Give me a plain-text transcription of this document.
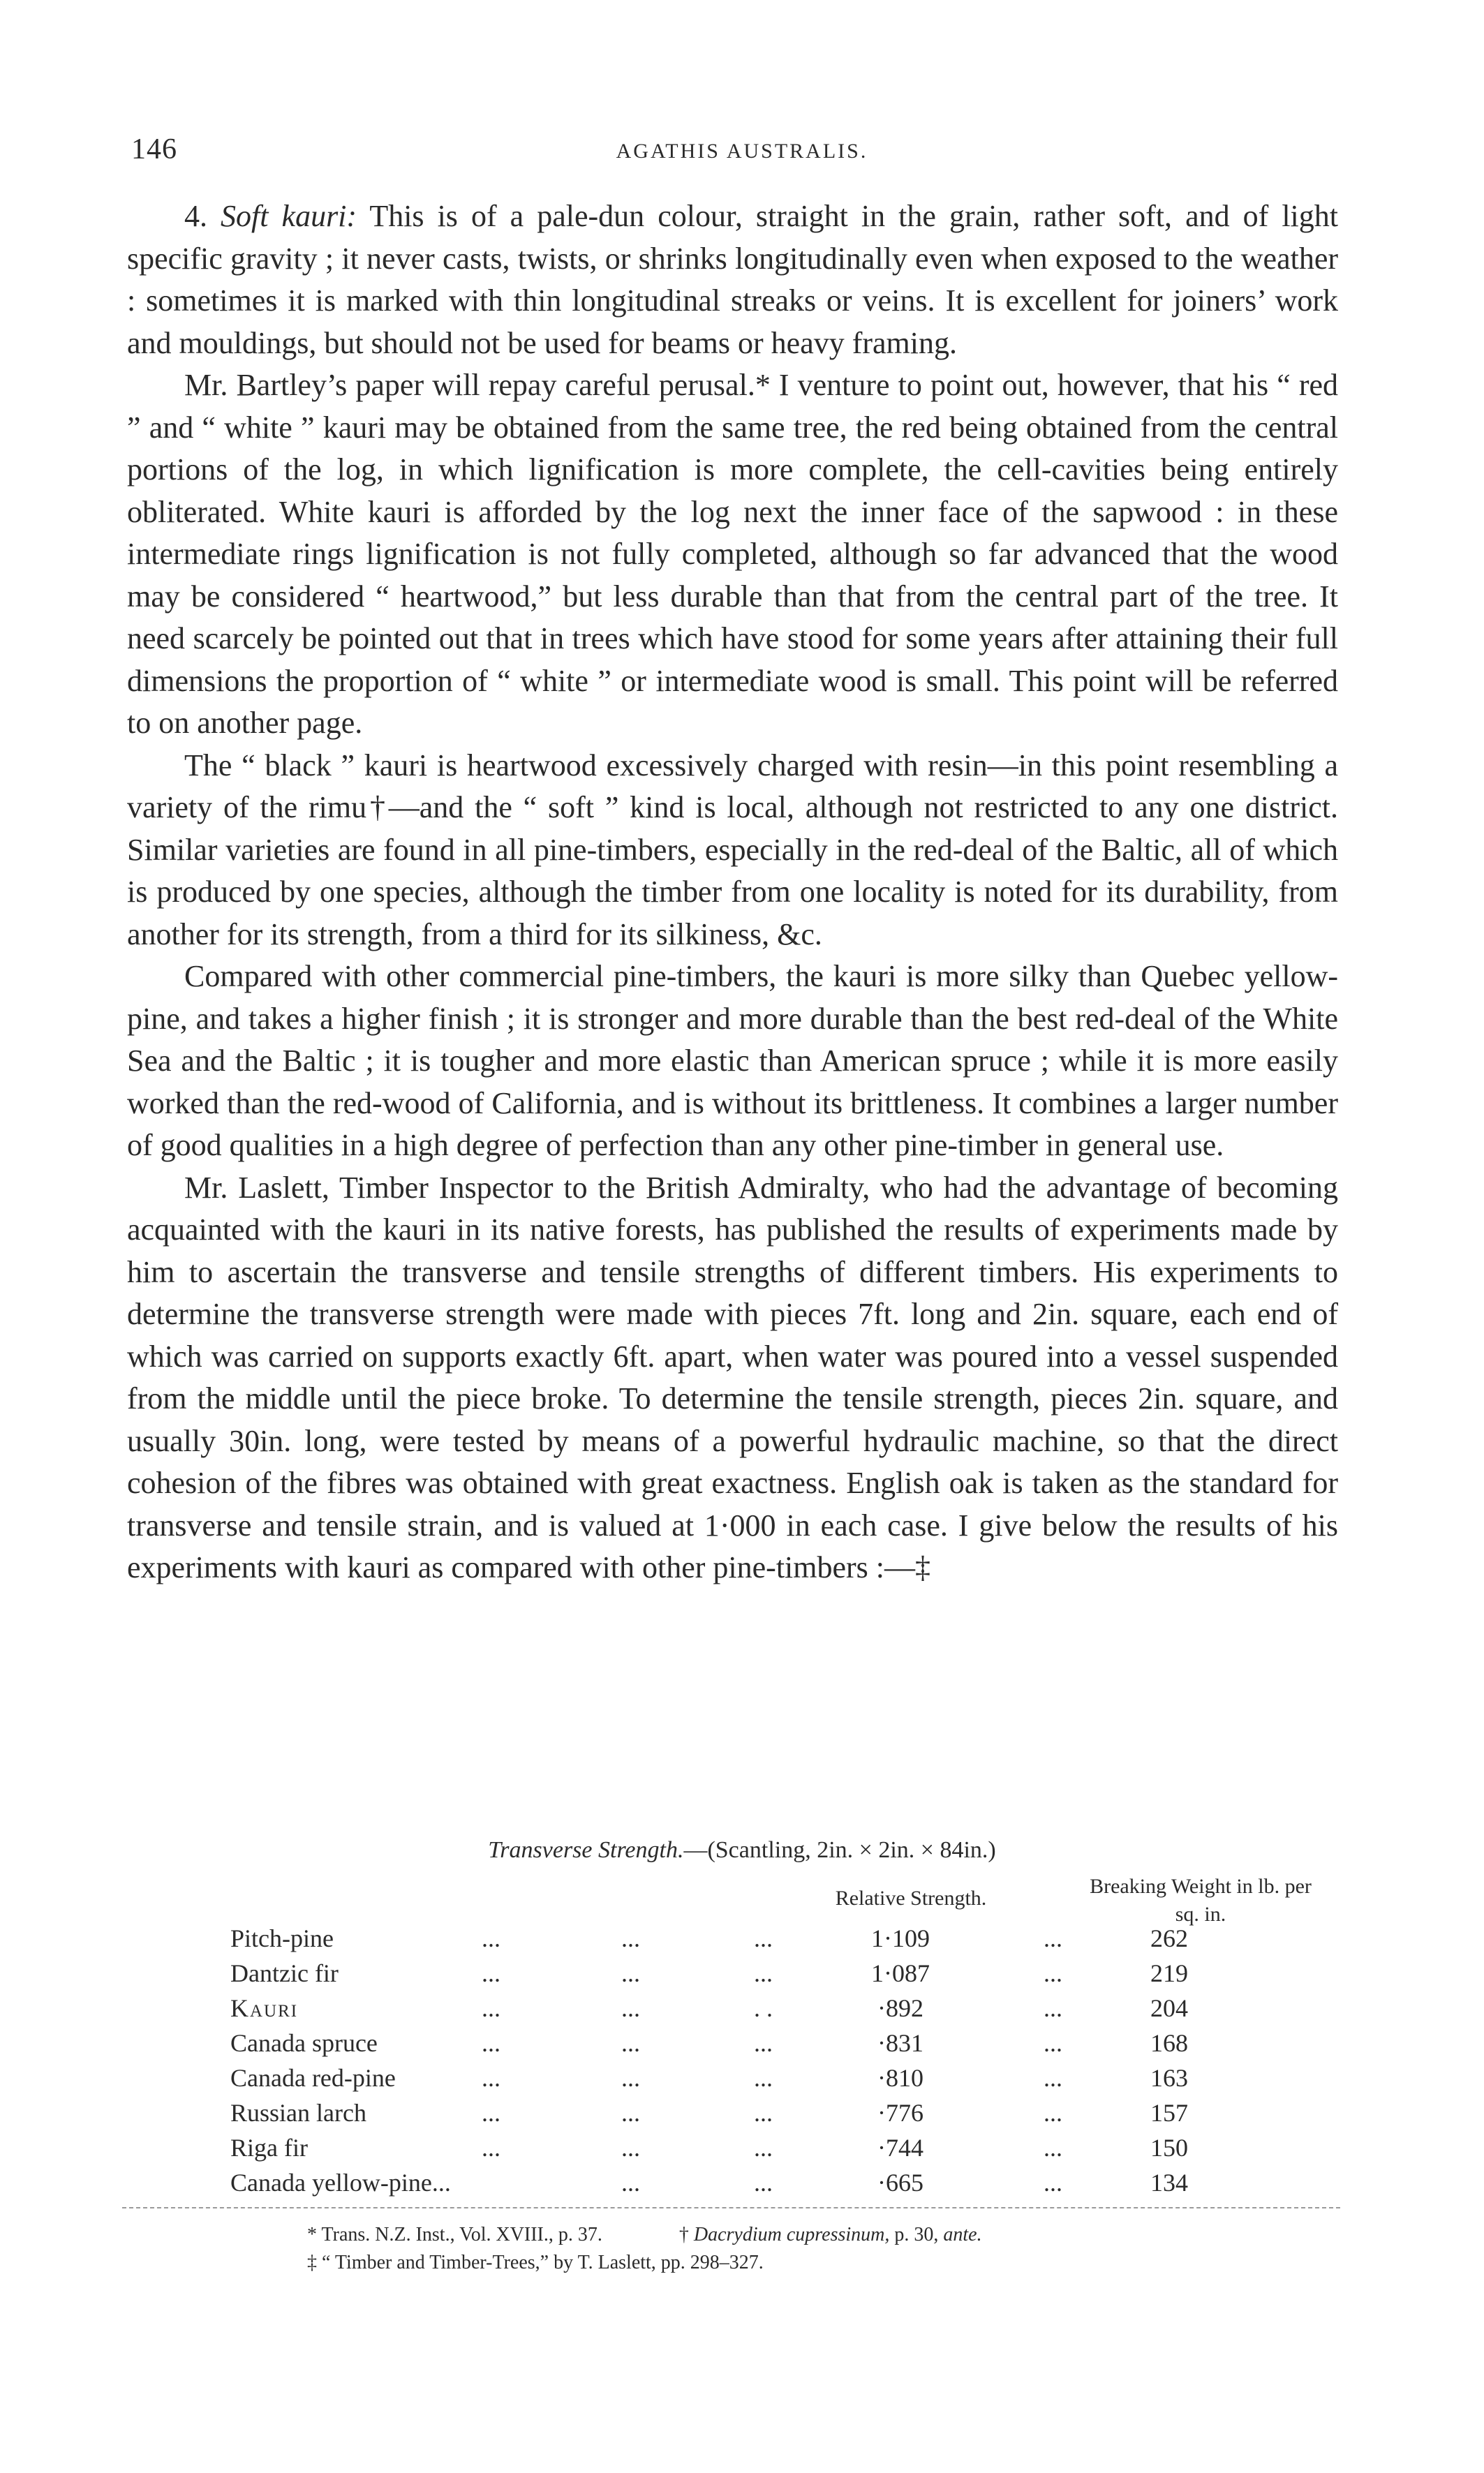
146	AGATHIS AUSTRALIS.

4. Soft kauri: This is of a pale-dun colour, straight in the grain, rather soft, and of light specific gravity ; it never casts, twists, or shrinks longitudinally even when exposed to the weather : sometimes it is marked with thin longitudinal streaks or veins. It is excellent for joiners’ work and mouldings, but should not be used for beams or heavy framing.

Mr. Bartley’s paper will repay careful perusal.* I venture to point out, however, that his “ red ” and “ white ” kauri may be obtained from the same tree, the red being obtained from the central portions of the log, in which lignification is more complete, the cell-cavities being entirely obliterated. White kauri is afforded by the log next the inner face of the sapwood : in these intermediate rings lignification is not fully completed, although so far advanced that the wood may be considered “ heartwood,” but less durable than that from the central part of the tree. It need scarcely be pointed out that in trees which have stood for some years after attaining their full dimensions the proportion of “ white ” or intermediate wood is small. This point will be referred to on another page.

The “ black ” kauri is heartwood excessively charged with resin—in this point resembling a variety of the rimu†—and the “ soft ” kind is local, although not restricted to any one district. Similar varieties are found in all pine-timbers, especially in the red-deal of the Baltic, all of which is produced by one species, although the timber from one locality is noted for its durability, from another for its strength, from a third for its silkiness, &c.

Compared with other commercial pine-timbers, the kauri is more silky than Quebec yellow-pine, and takes a higher finish ; it is stronger and more durable than the best red-deal of the White Sea and the Baltic ; it is tougher and more elastic than American spruce ; while it is more easily worked than the red-wood of California, and is without its brittleness. It combines a larger number of good qualities in a high degree of perfection than any other pine-timber in general use.

Mr. Laslett, Timber Inspector to the British Admiralty, who had the advantage of becoming acquainted with the kauri in its native forests, has published the results of experiments made by him to ascertain the transverse and tensile strengths of different timbers. His experiments to determine the transverse strength were made with pieces 7ft. long and 2in. square, each end of which was carried on supports exactly 6ft. apart, when water was poured into a vessel suspended from the middle until the piece broke. To determine the tensile strength, pieces 2in. square, and usually 30in. long, were tested by means of a powerful hydraulic machine, so that the direct cohesion of the fibres was obtained with great exactness. English oak is taken as the standard for transverse and tensile strain, and is valued at 1·000 in each case. I give below the results of his experiments with kauri as compared with other pine-timbers :—‡

Transverse Strength.—(Scantling, 2in. × 2in. × 84in.)
Relative Strength.
Breaking Weight in lb. per sq. in.
Pitch-pine	...	...	...	1·109	...	262
Dantzic fir	...	...	...	1·087	...	219
Kauri	...	...	. .	·892	...	204
Canada spruce	...	...	...	·831	...	168
Canada red-pine	...	...	...	·810	...	163
Russian larch	...	...	...	·776	...	157
Riga fir	...	...	...	·744	...	150
Canada yellow-pine...	...	...	·665	...	134
* Trans. N.Z. Inst., Vol. XVIII., p. 37.	† Dacrydium cupressinum, p. 30, ante.
‡ “ Timber and Timber-Trees,” by T. Laslett, pp. 298–327.
